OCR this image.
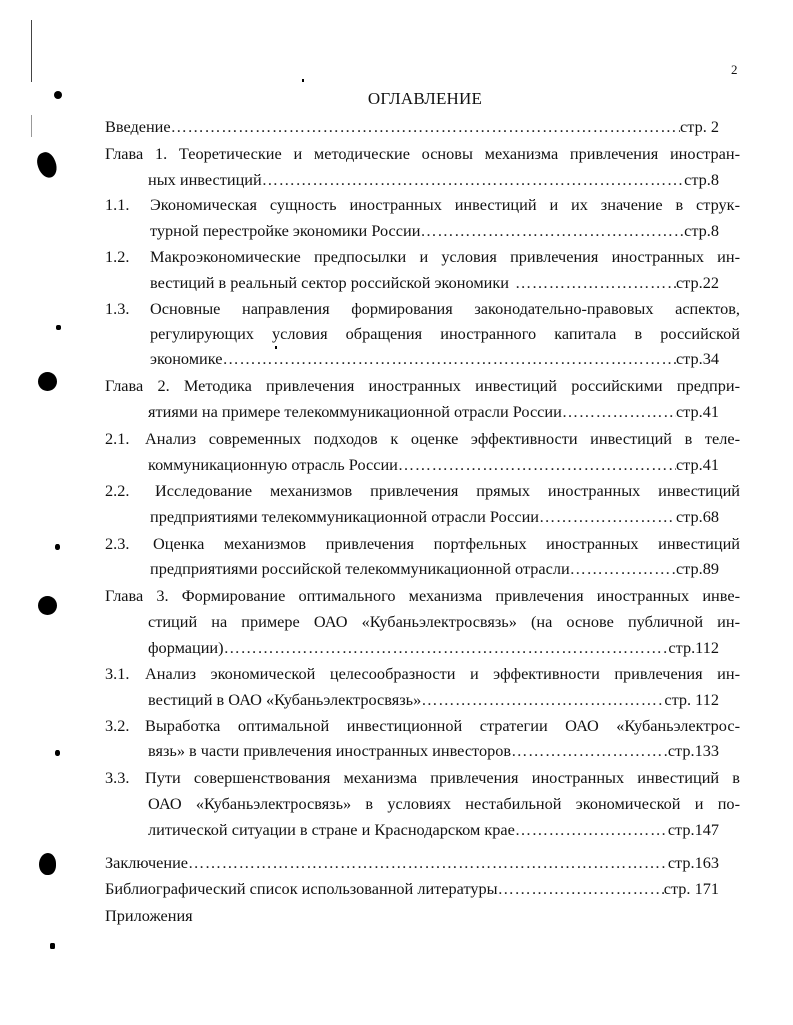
2
ОГЛАВЛЕНИЕ
Введение …………………………………………………………………………………………………………………………………………………………………	стр. 2
Глава 1. Теоретические и методические основы механизма привлечения иностран-
ных инвестиций …………………………………………………………………………………………………………………………………………………………………	стр.8
1.1. Экономическая сущность иностранных инвестиций и их значение в струк-
турной перестройке экономики России …………………………………………………………………………………………………………………………………………………………………	стр.8
1.2. Макроэкономические предпосылки и условия привлечения иностранных ин-
вестиций в реальный сектор российской экономики …………………………………………………………………………………………………………………………………………………………………	стр.22
1.3. Основные направления формирования законодательно-правовых аспектов,
регулирующих условия обращения иностранного капитала в российской
экономике …………………………………………………………………………………………………………………………………………………………………	стр.34
Глава 2. Методика привлечения иностранных инвестиций российскими предпри-
ятиями на примере телекоммуникационной отрасли России …………………………………………………………………………………………………………………………………………………………………	стр.41
2.1. Анализ современных подходов к оценке эффективности инвестиций в теле-
коммуникационную отрасль России …………………………………………………………………………………………………………………………………………………………………	стр.41
2.2. Исследование механизмов привлечения прямых иностранных инвестиций
предприятиями телекоммуникационной отрасли России …………………………………………………………………………………………………………………………………………………………………	стр.68
2.3. Оценка механизмов привлечения портфельных иностранных инвестиций
предприятиями российской телекоммуникационной отрасли …………………………………………………………………………………………………………………………………………………………………	стр.89
Глава 3. Формирование оптимального механизма привлечения иностранных инве-
стиций на примере ОАО «Кубаньэлектросвязь» (на основе публичной ин-
формации) …………………………………………………………………………………………………………………………………………………………………	стр.112
3.1. Анализ экономической целесообразности и эффективности привлечения ин-
вестиций в ОАО «Кубаньэлектросвязь» …………………………………………………………………………………………………………………………………………………………………	стр. 112
3.2. Выработка оптимальной инвестиционной стратегии ОАО «Кубаньэлектрос-
вязь» в части привлечения иностранных инвесторов …………………………………………………………………………………………………………………………………………………………………	стр.133
3.3. Пути совершенствования механизма привлечения иностранных инвестиций в
ОАО «Кубаньэлектросвязь» в условиях нестабильной экономической и по-
литической ситуации в стране и Краснодарском крае …………………………………………………………………………………………………………………………………………………………………	стр.147
Заключение …………………………………………………………………………………………………………………………………………………………………	стр.163
Библиографический список использованной литературы …………………………………………………………………………………………………………………………………………………………………	стр. 171
Приложения
